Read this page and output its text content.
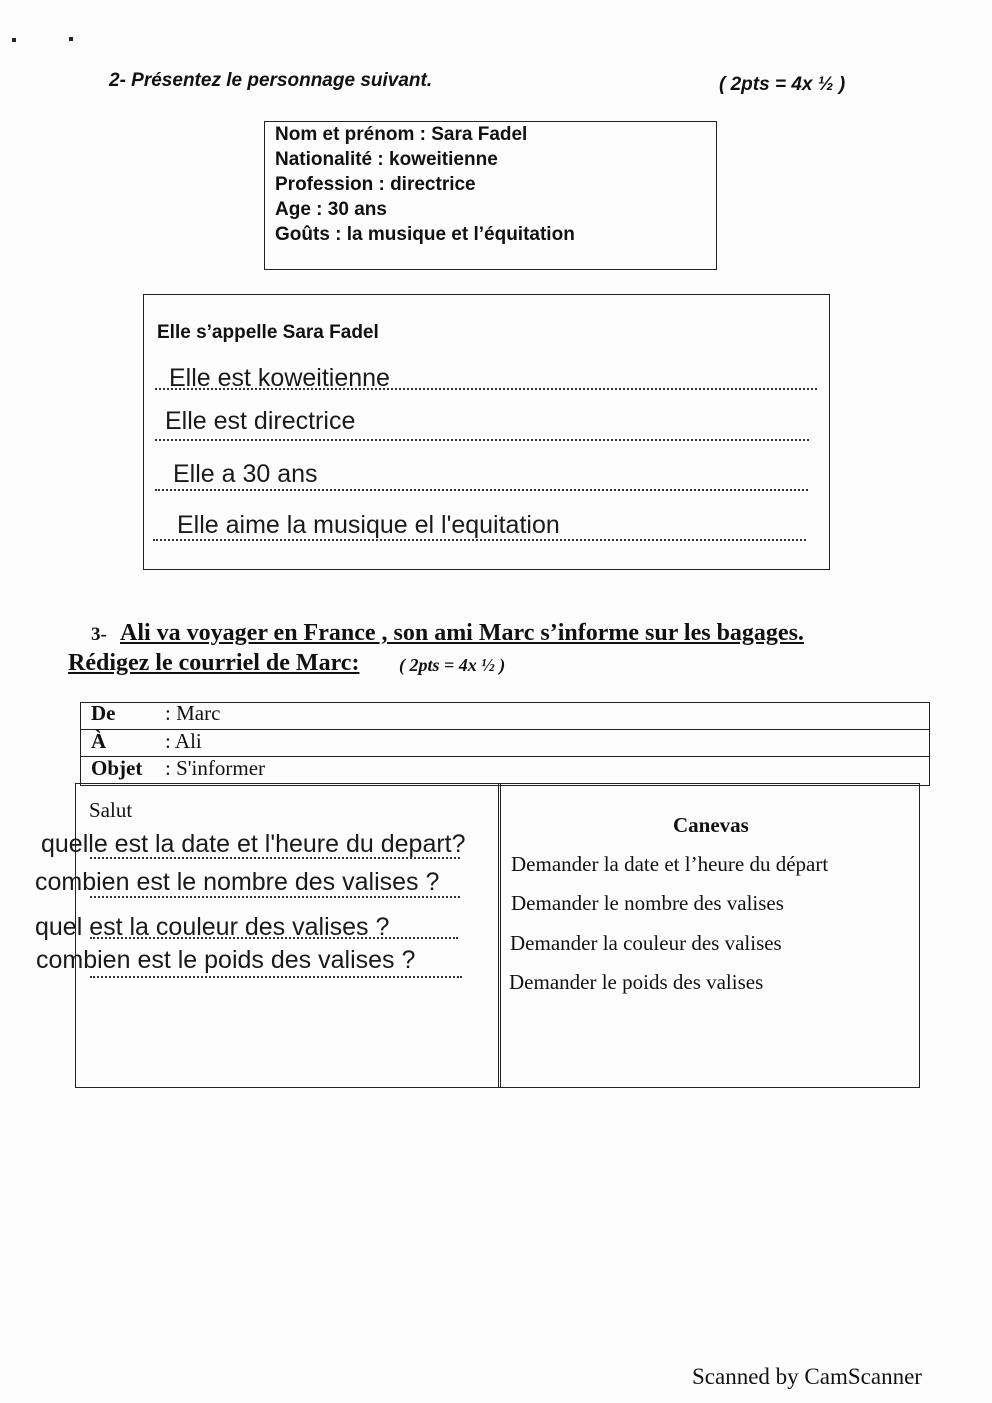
2- Présentez le personnage suivant.	( 2pts = 4x ½ )
Nom et prénom : Sara Fadel
Nationalité : koweitienne
Profession : directrice
Age : 30 ans
Goûts : la musique et l’équitation
Elle s’appelle Sara Fadel
Elle est koweitienne
Elle est directrice
Elle a 30 ans
Elle aime la musique el l'equitation
3- Ali va voyager en France , son ami Marc s’informe sur les bagages.
Rédigez le courriel de Marc: ( 2pts = 4x ½ )
De : Marc
À	: Ali
Objet : S'informer
Salut
quelle est la date et l'heure du depart?
combien est le nombre des valises ?
quel est la couleur des valises ?
combien est le poids des valises ?
Canevas
Demander la date et l’heure du départ
Demander le nombre des valises
Demander la couleur des valises
Demander le poids des valises
Scanned by CamScanner
